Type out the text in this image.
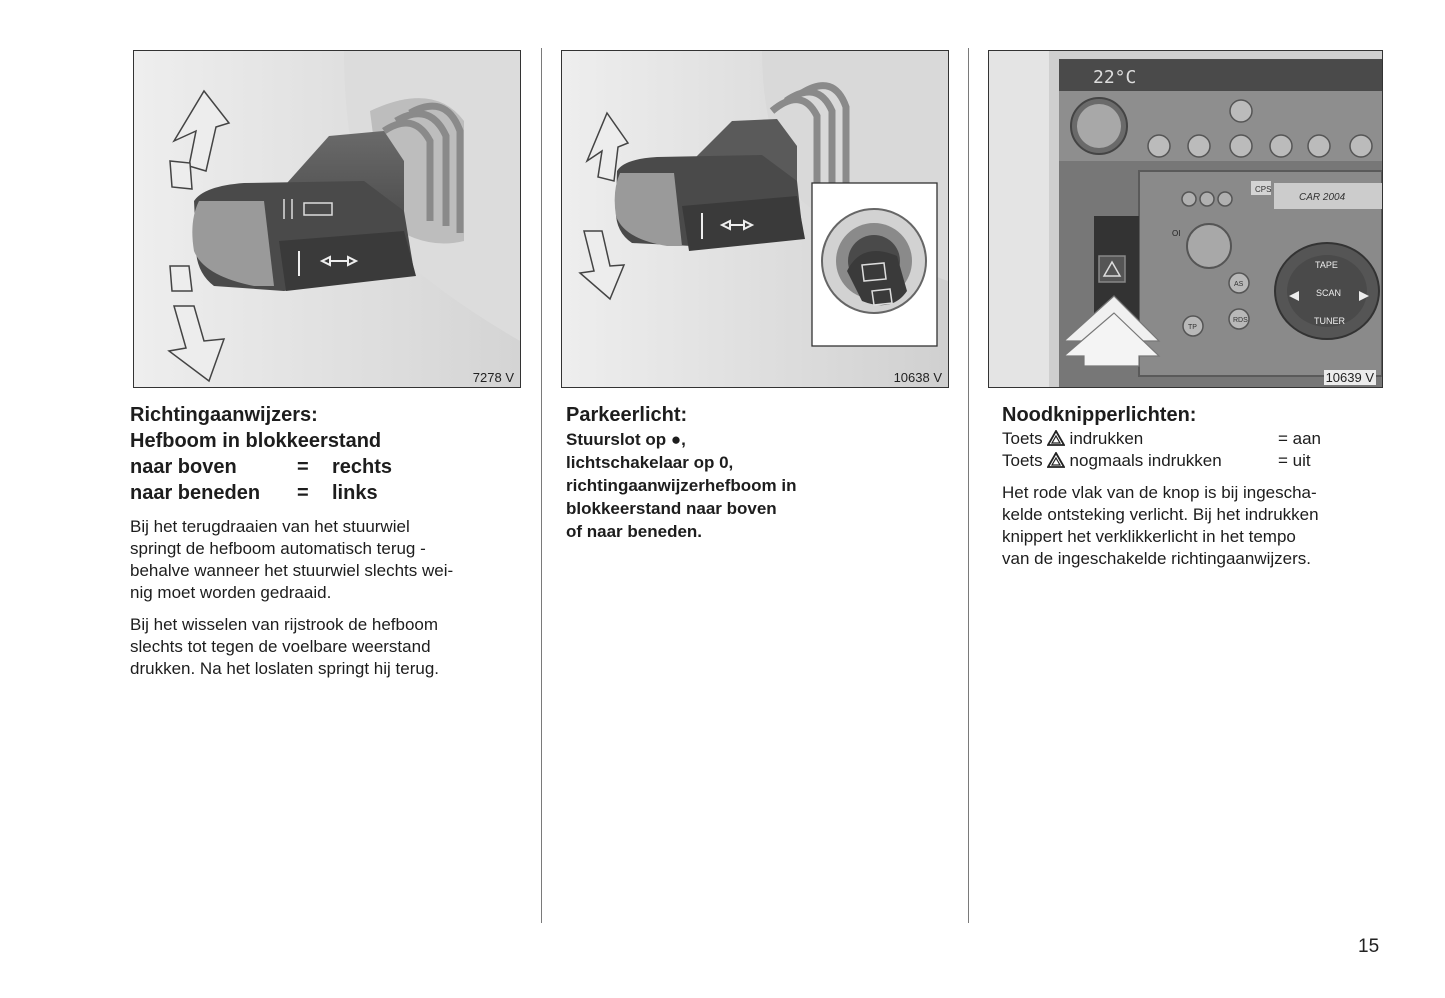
7278 V

Richtingaanwijzers:

Hefboom in blokkeerstand

naar boven	= rechts
naar beneden = links

Bij het terugdraaien van het stuurwiel

springt de hefboom automatisch terug -

behalve wanneer het stuurwiel slechts wei-

nig moet worden gedraaid.

Bij het wisselen van rijstrook de hefboom

slechts tot tegen de voelbare weerstand

drukken. Na het loslaten springt hij terug.

10638 V

Parkeerlicht:

Stuurslot op ●,

lichtschakelaar op 0,

richtingaanwijzerhefboom in

blokkeerstand naar boven

of naar beneden.

22°C
CPS
CAR 2004
OI
RDS
AS
TP
TAPE
SCAN
TUNER
10639 V

Noodknipperlichten:

Toets indrukken	= aan
Toets nogmaals indrukken	= uit

Het rode vlak van de knop is bij ingescha-

kelde ontsteking verlicht. Bij het indrukken

knippert het verklikkerlicht in het tempo

van de ingeschakelde richtingaanwijzers.

15
